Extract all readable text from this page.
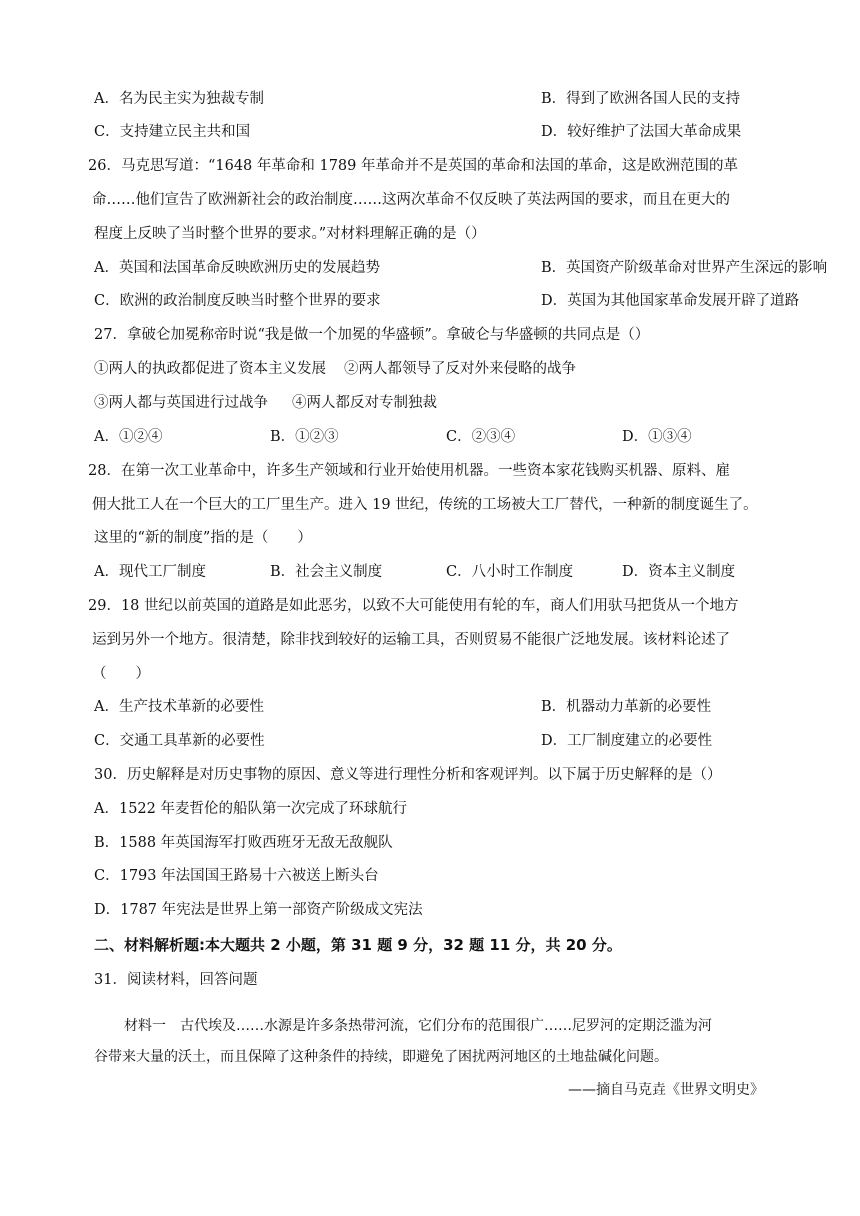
A．名为民主实为独裁专制	B．得到了欧洲各国人民的支持
C．支持建立民主共和国	D．较好维护了法国大革命成果
26．马克思写道：“1648 年革命和 1789 年革命并不是英国的革命和法国的革命，这是欧洲范围的革
命……他们宣告了欧洲新社会的政治制度……这两次革命不仅反映了英法两国的要求，而且在更大的
程度上反映了当时整个世界的要求。”对材料理解正确的是（）
A．英国和法国革命反映欧洲历史的发展趋势	B．英国资产阶级革命对世界产生深远的影响
C．欧洲的政治制度反映当时整个世界的要求	D．英国为其他国家革命发展开辟了道路
27．拿破仑加冕称帝时说“我是做一个加冕的华盛顿”。拿破仑与华盛顿的共同点是（）
①两人的执政都促进了资本主义发展 ②两人都领导了反对外来侵略的战争
③两人都与英国进行过战争 ④两人都反对专制独裁
A．①②④	B．①②③	C．②③④	D．①③④
28．在第一次工业革命中，许多生产领域和行业开始使用机器。一些资本家花钱购买机器、原料、雇
佣大批工人在一个巨大的工厂里生产。进入 19 世纪，传统的工场被大工厂替代，一种新的制度诞生了。
这里的“新的制度”指的是（　　）
A．现代工厂制度	B．社会主义制度	C．八小时工作制度	D．资本主义制度
29．18 世纪以前英国的道路是如此恶劣，以致不大可能使用有轮的车，商人们用驮马把货从一个地方
运到另外一个地方。很清楚，除非找到较好的运输工具，否则贸易不能很广泛地发展。该材料论述了
（　　）
A．生产技术革新的必要性	B．机器动力革新的必要性
C．交通工具革新的必要性	D．工厂制度建立的必要性
30．历史解释是对历史事物的原因、意义等进行理性分析和客观评判。以下属于历史解释的是（）
A．1522 年麦哲伦的船队第一次完成了环球航行
B．1588 年英国海军打败西班牙无敌无敌舰队
C．1793 年法国国王路易十六被送上断头台
D．1787 年宪法是世界上第一部资产阶级成文宪法
二、材料解析题:本大题共 2 小题，第 31 题 9 分，32 题 11 分，共 20 分。
31．阅读材料，回答问题
材料一　古代埃及……水源是许多条热带河流，它们分布的范围很广……尼罗河的定期泛滥为河
谷带来大量的沃土，而且保障了这种条件的持续，即避免了困扰两河地区的土地盐碱化问题。
——摘自马克垚《世界文明史》
